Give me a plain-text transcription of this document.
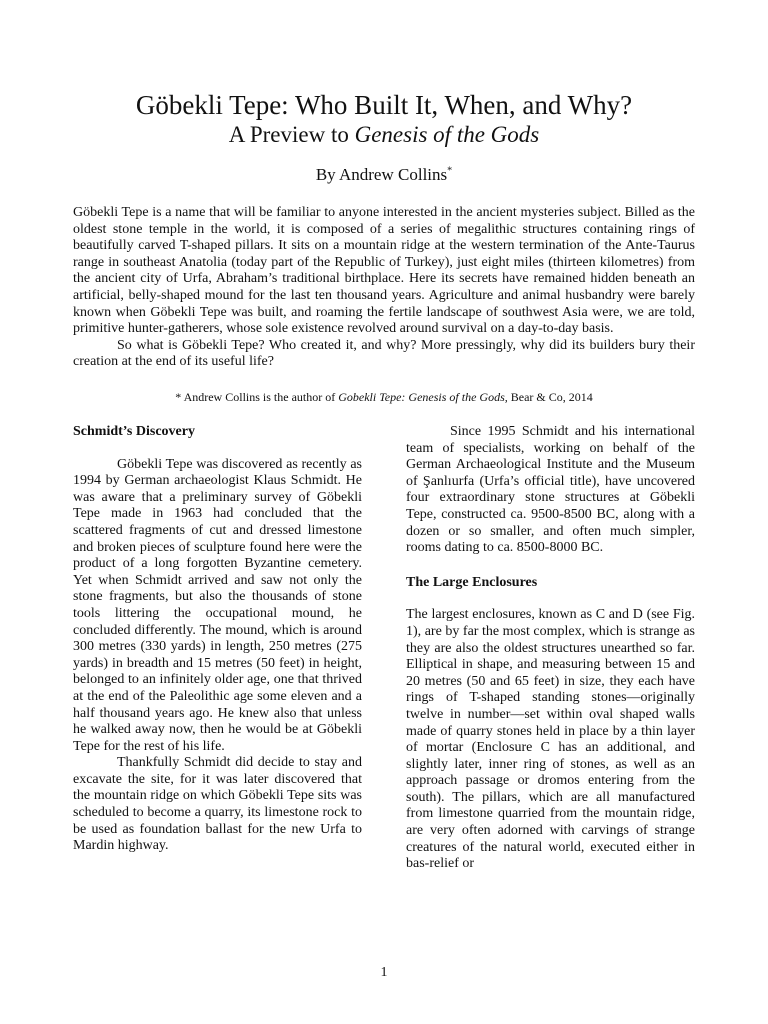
Göbekli Tepe: Who Built It, When, and Why?
A Preview to Genesis of the Gods
By Andrew Collins*

Göbekli Tepe is a name that will be familiar to anyone interested in the ancient mysteries subject. Billed as the oldest stone temple in the world, it is composed of a series of megalithic structures containing rings of beautifully carved T-shaped pillars. It sits on a mountain ridge at the western termination of the Ante-Taurus range in southeast Anatolia (today part of the Republic of Turkey), just eight miles (thirteen kilometres) from the ancient city of Urfa, Abraham’s traditional birthplace. Here its secrets have remained hidden beneath an artificial, belly-shaped mound for the last ten thousand years. Agriculture and animal husbandry were barely known when Göbekli Tepe was built, and roaming the fertile landscape of southwest Asia were, we are told, primitive hunter-gatherers, whose sole existence revolved around survival on a day-to-day basis.

So what is Göbekli Tepe? Who created it, and why? More pressingly, why did its builders bury their creation at the end of its useful life?

* Andrew Collins is the author of Gobekli Tepe: Genesis of the Gods, Bear & Co, 2014
Schmidt’s Discovery

Göbekli Tepe was discovered as recently as 1994 by German archaeologist Klaus Schmidt. He was aware that a preliminary survey of Göbekli Tepe made in 1963 had concluded that the scattered fragments of cut and dressed limestone and broken pieces of sculpture found here were the product of a long forgotten Byzantine cemetery. Yet when Schmidt arrived and saw not only the stone fragments, but also the thousands of stone tools littering the occupational mound, he concluded differently. The mound, which is around 300 metres (330 yards) in length, 250 metres (275 yards) in breadth and 15 metres (50 feet) in height, belonged to an infinitely older age, one that thrived at the end of the Paleolithic age some eleven and a half thousand years ago. He knew also that unless he walked away now, then he would be at Göbekli Tepe for the rest of his life.

Thankfully Schmidt did decide to stay and excavate the site, for it was later discovered that the mountain ridge on which Göbekli Tepe sits was scheduled to become a quarry, its limestone rock to be used as foundation ballast for the new Urfa to Mardin highway.

Since 1995 Schmidt and his international team of specialists, working on behalf of the German Archaeological Institute and the Museum of Şanlıurfa (Urfa’s official title), have uncovered four extraordinary stone structures at Göbekli Tepe, constructed ca. 9500-8500 BC, along with a dozen or so smaller, and often much simpler, rooms dating to ca. 8500-8000 BC.

The Large Enclosures

The largest enclosures, known as C and D (see Fig. 1), are by far the most complex, which is strange as they are also the oldest structures unearthed so far. Elliptical in shape, and measuring between 15 and 20 metres (50 and 65 feet) in size, they each have rings of T-shaped standing stones—originally twelve in number—set within oval shaped walls made of quarry stones held in place by a thin layer of mortar (Enclosure C has an additional, and slightly later, inner ring of stones, as well as an approach passage or dromos entering from the south). The pillars, which are all manufactured from limestone quarried from the mountain ridge, are very often adorned with carvings of strange creatures of the natural world, executed either in bas-relief or

1
